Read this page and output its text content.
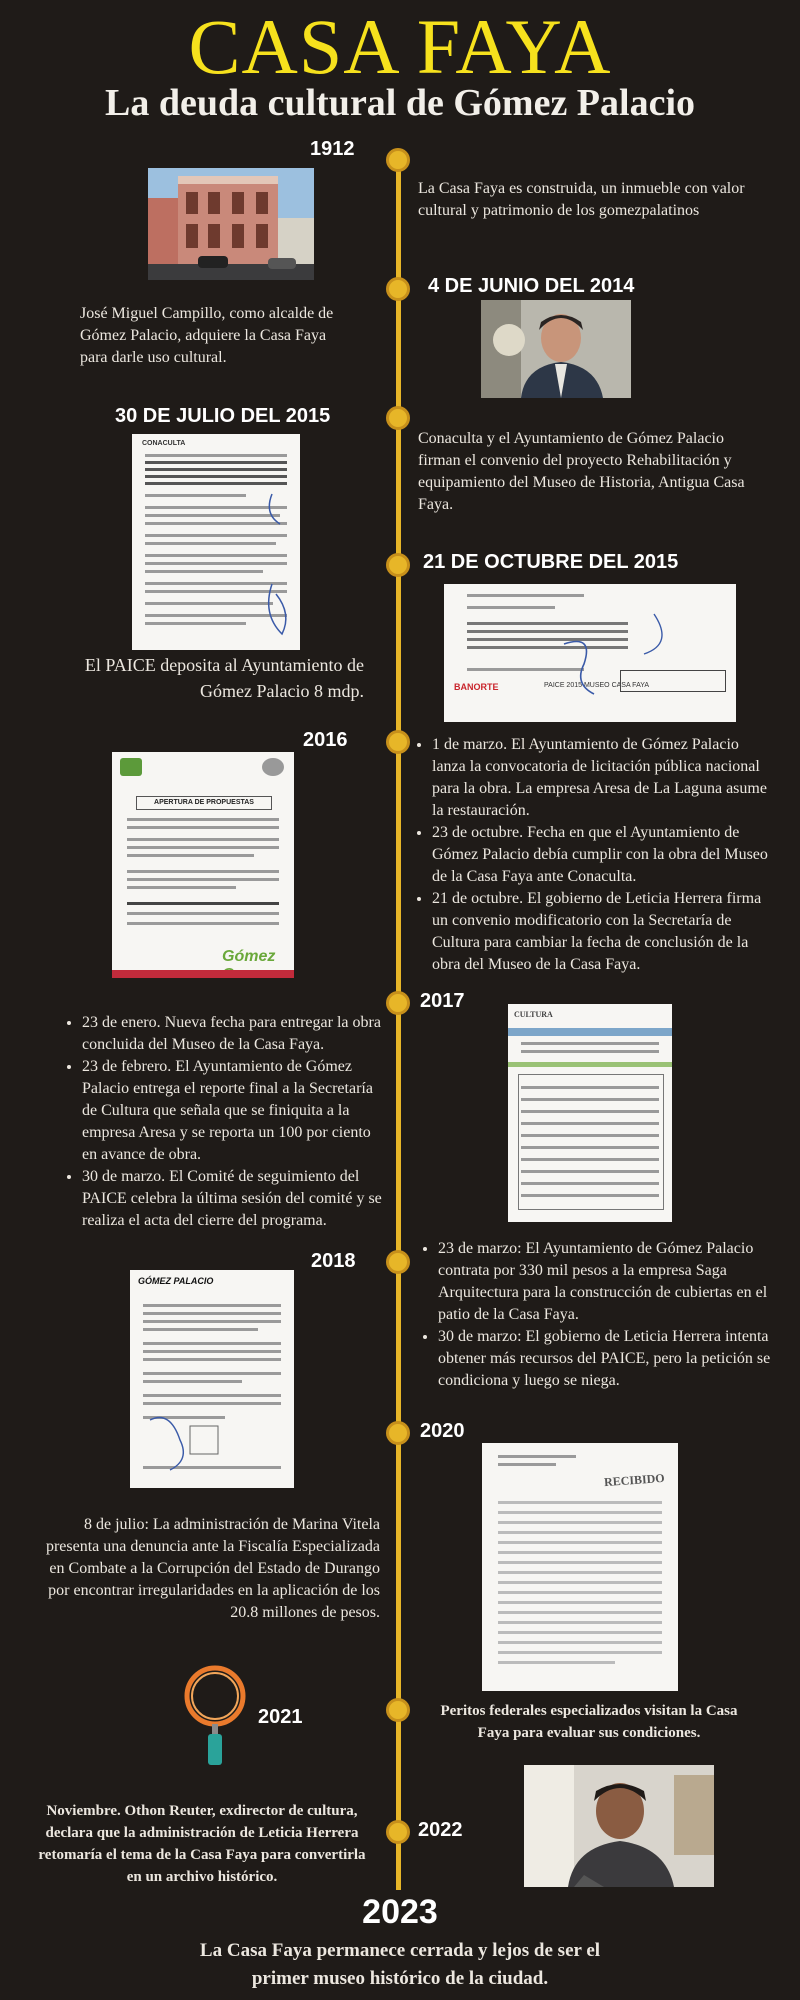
CASA FAYA
La deuda cultural de Gómez Palacio
1912
La Casa Faya es construida, un inmueble con valor cultural y patrimonio de los gomezpalatinos
4 DE JUNIO DEL 2014
José Miguel Campillo, como alcalde de Gómez Palacio, adquiere la Casa Faya para darle uso cultural.
30 DE JULIO DEL 2015
CONACULTA	Conaculta y el Ayuntamiento de Gómez Palacio firman el convenio del proyecto Rehabilitación y equipamiento del Museo de Historia, Antigua Casa Faya.
21 DE OCTUBRE DEL 2015
BANORTE	PAICE 2015 MUSEO CASA FAYA
El PAICE deposita al Ayuntamiento de Gómez Palacio 8 mdp.
2016
APERTURA DE PROPUESTAS
Gómez
• 1 de marzo. El Ayuntamiento de Gómez Palacio lanza la convocatoria de licitación pública nacional para la obra. La empresa Aresa de La Laguna asume la restauración.
• 23 de octubre. Fecha en que el Ayuntamiento de Gómez Palacio debía cumplir con la obra del Museo de la Casa Faya ante Conaculta.
• 21 de octubre. El gobierno de Leticia Herrera firma un convenio modificatorio con la Secretaría de Cultura para cambiar la fecha de conclusión de la obra del Museo de la Casa Faya.
2017
• 23 de enero. Nueva fecha para entregar la obra concluida del Museo de la Casa Faya.
• 23 de febrero. El Ayuntamiento de Gómez Palacio entrega el reporte final a la Secretaría de Cultura que señala que se finiquita a la empresa Aresa y se reporta un 100 por ciento en avance de obra.
• 30 de marzo. El Comité de seguimiento del PAICE celebra la última sesión del comité y se realiza el acta del cierre del programa.
CULTURA
2018
GÓMEZ PALACIO
• 23 de marzo: El Ayuntamiento de Gómez Palacio contrata por 330 mil pesos a la empresa Saga Arquitectura para la construcción de cubiertas en el patio de la Casa Faya.
• 30 de marzo: El gobierno de Leticia Herrera intenta obtener más recursos del PAICE, pero la petición se condiciona y luego se niega.
2020
RECIBIDO
8 de julio: La administración de Marina Vitela presenta una denuncia ante la Fiscalía Especializada en Combate a la Corrupción del Estado de Durango por encontrar irregularidades en la aplicación de los 20.8 millones de pesos.
2021	Peritos federales especializados visitan la Casa Faya para evaluar sus condiciones.
2022
Noviembre. Othon Reuter, exdirector de cultura, declara que la administración de Leticia Herrera retomaría el tema de la Casa Faya para convertirla en un archivo histórico.
2023
La Casa Faya permanece cerrada y lejos de ser el primer museo histórico de la ciudad.
